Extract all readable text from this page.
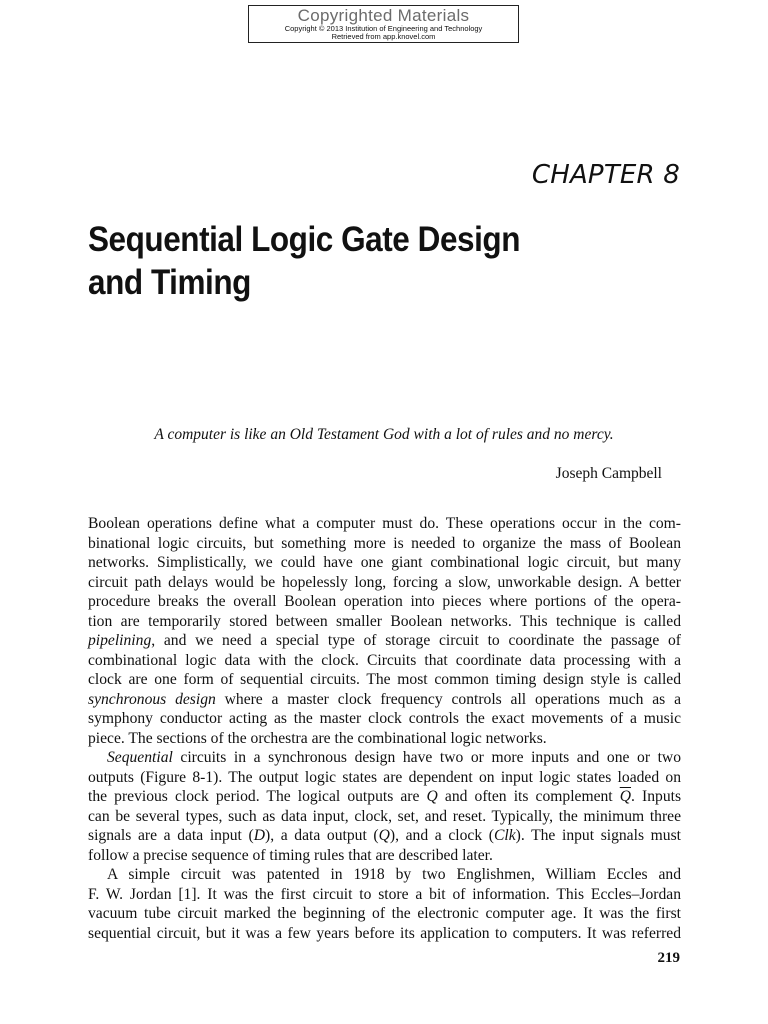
Copyrighted Materials
Copyright © 2013 Institution of Engineering and Technology
Retrieved from app.knovel.com
CHAPTER 8
Sequential Logic Gate Design
and Timing
A computer is like an Old Testament God with a lot of rules and no mercy.
Joseph Campbell
Boolean operations define what a computer must do. These operations occur in the com-
binational logic circuits, but something more is needed to organize the mass of Boolean
networks. Simplistically, we could have one giant combinational logic circuit, but many
circuit path delays would be hopelessly long, forcing a slow, unworkable design. A better
procedure breaks the overall Boolean operation into pieces where portions of the opera-
tion are temporarily stored between smaller Boolean networks. This technique is called
pipelining, and we need a special type of storage circuit to coordinate the passage of
combinational logic data with the clock. Circuits that coordinate data processing with a
clock are one form of sequential circuits. The most common timing design style is called
synchronous design where a master clock frequency controls all operations much as a
symphony conductor acting as the master clock controls the exact movements of a music
piece. The sections of the orchestra are the combinational logic networks.
Sequential circuits in a synchronous design have two or more inputs and one or two
outputs (Figure 8-1). The output logic states are dependent on input logic states loaded on
the previous clock period. The logical outputs are Q and often its complement $\overline{Q}$. Inputs
can be several types, such as data input, clock, set, and reset. Typically, the minimum three
signals are a data input (D), a data output (Q), and a clock (Clk). The input signals must
follow a precise sequence of timing rules that are described later.
A simple circuit was patented in 1918 by two Englishmen, William Eccles and
F. W. Jordan [1]. It was the first circuit to store a bit of information. This Eccles–Jordan
vacuum tube circuit marked the beginning of the electronic computer age. It was the first
sequential circuit, but it was a few years before its application to computers. It was referred
219
